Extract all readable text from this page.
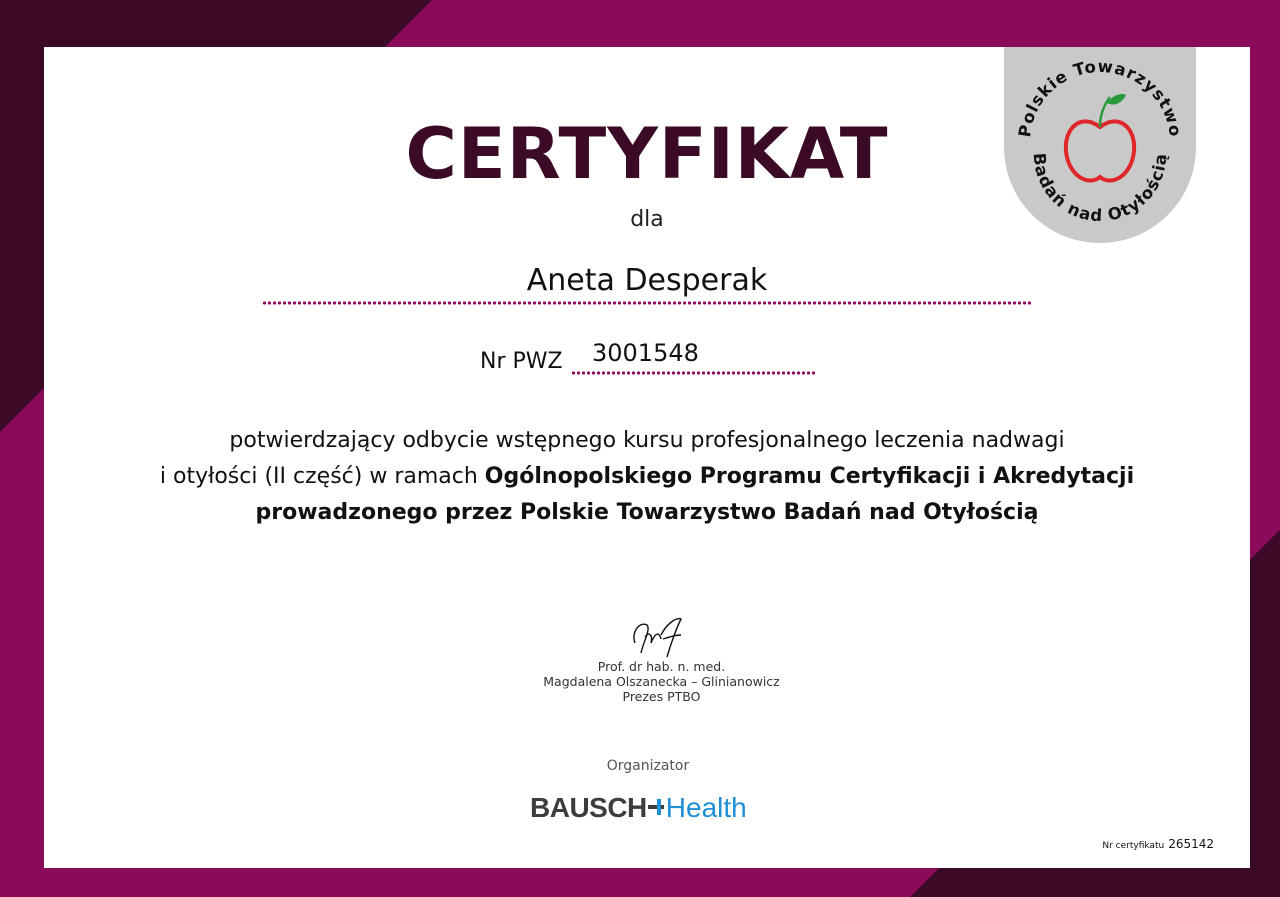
Polskie Towarzystwo
Badań nad Otyłością
CERTYFIKAT
dla
Aneta Desperak
Nr PWZ 3001548
potwierdzający odbycie wstępnego kursu profesjonalnego leczenia nadwagi
i otyłości (II część) w ramach Ogólnopolskiego Programu Certyfikacji i Akredytacji
prowadzonego przez Polskie Towarzystwo Badań nad Otyłością
Prof. dr hab. n. med.
Magdalena Olszanecka – Glinianowicz
Prezes PTBO
Organizator
BAUSCH Health
Nr certyfikatu 265142
